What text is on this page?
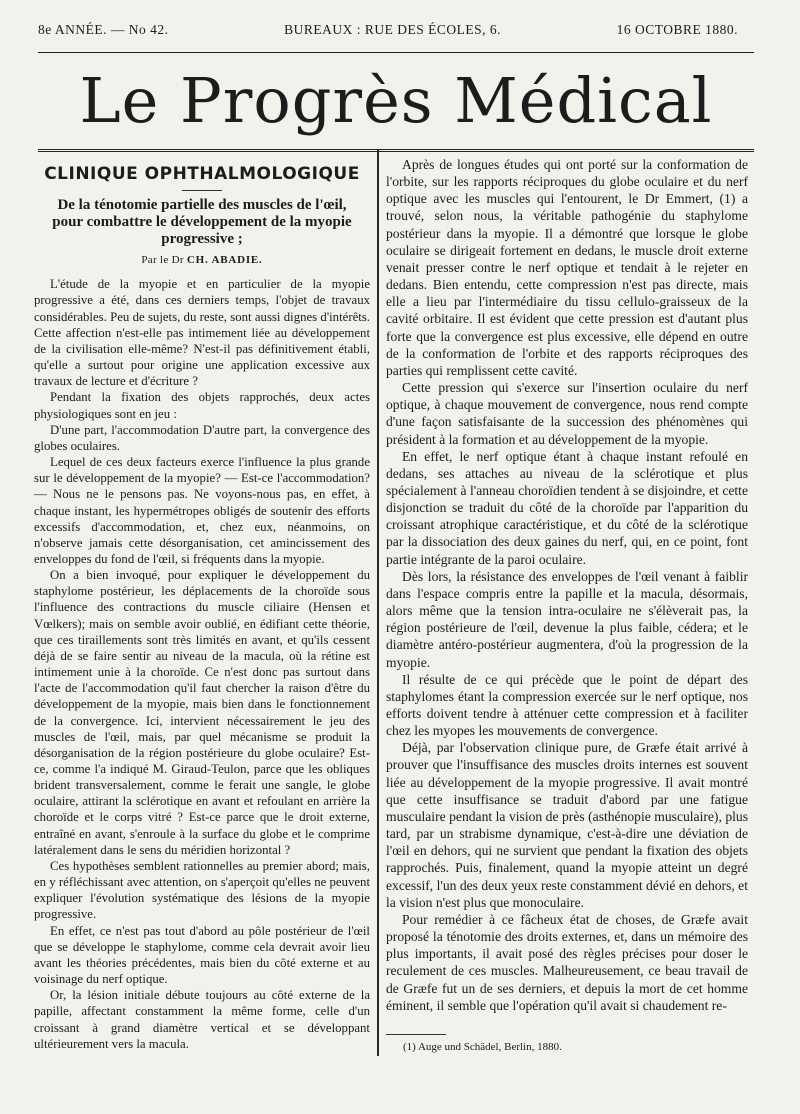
8e ANNÉE. — No 42.	BUREAUX : RUE DES ÉCOLES, 6.	16 OCTOBRE 1880.
Le Progrès Médical
CLINIQUE OPHTHALMOLOGIQUE
De la ténotomie partielle des muscles de l'œil, pour combattre le développement de la myopie progressive ;
Par le Dr CH. ABADIE.

L'étude de la myopie et en particulier de la myopie progressive a été, dans ces derniers temps, l'objet de travaux considérables. Peu de sujets, du reste, sont aussi dignes d'intérêts. Cette affection n'est-elle pas intimement liée au développement de la civilisation elle-même? N'est-il pas définitivement établi, qu'elle a surtout pour origine une application excessive aux travaux de lecture et d'écriture ?

Pendant la fixation des objets rapprochés, deux actes physiologiques sont en jeu :

D'une part, l'accommodation D'autre part, la convergence des globes oculaires.

Lequel de ces deux facteurs exerce l'influence la plus grande sur le développement de la myopie? — Est-ce l'accommodation? — Nous ne le pensons pas. Ne voyons-nous pas, en effet, à chaque instant, les hypermétropes obligés de soutenir des efforts excessifs d'accommodation, et, chez eux, néanmoins, on n'observe jamais cette désorganisation, cet amincissement des enveloppes du fond de l'œil, si fréquents dans la myopie.

On a bien invoqué, pour expliquer le développement du staphylome postérieur, les déplacements de la choroïde sous l'influence des contractions du muscle ciliaire (Hensen et Vœlkers); mais on semble avoir oublié, en édifiant cette théorie, que ces tiraillements sont très limités en avant, et qu'ils cessent déjà de se faire sentir au niveau de la macula, où la rétine est intimement unie à la choroïde. Ce n'est donc pas surtout dans l'acte de l'accommodation qu'il faut chercher la raison d'être du développement de la myopie, mais bien dans le fonctionnement de la convergence. Ici, intervient nécessairement le jeu des muscles de l'œil, mais, par quel mécanisme se produit la désorganisation de la région postérieure du globe oculaire? Est-ce, comme l'a indiqué M. Giraud-Teulon, parce que les obliques brident transversalement, comme le ferait une sangle, le globe oculaire, attirant la sclérotique en avant et refoulant en arrière la choroïde et le corps vitré ? Est-ce parce que le droit externe, entraîné en avant, s'enroule à la surface du globe et le comprime latéralement dans le sens du méridien horizontal ?

Ces hypothèses semblent rationnelles au premier abord; mais, en y réfléchissant avec attention, on s'aperçoit qu'elles ne peuvent expliquer l'évolution systématique des lésions de la myopie progressive.

En effet, ce n'est pas tout d'abord au pôle postérieur de l'œil que se développe le staphylome, comme cela devrait avoir lieu avant les théories précédentes, mais bien du côté externe et au voisinage du nerf optique.

Or, la lésion initiale débute toujours au côté externe de la papille, affectant constamment la même forme, celle d'un croissant à grand diamètre vertical et se développant ultérieurement vers la macula.

Après de longues études qui ont porté sur la conformation de l'orbite, sur les rapports réciproques du globe oculaire et du nerf optique avec les muscles qui l'entourent, le Dr Emmert, (1) a trouvé, selon nous, la véritable pathogénie du staphylome postérieur dans la myopie. Il a démontré que lorsque le globe oculaire se dirigeait fortement en dedans, le muscle droit externe venait presser contre le nerf optique et tendait à le rejeter en dedans. Bien entendu, cette compression n'est pas directe, mais elle a lieu par l'intermédiaire du tissu cellulo-graisseux de la cavité orbitaire. Il est évident que cette pression est d'autant plus forte que la convergence est plus excessive, elle dépend en outre de la conformation de l'orbite et des rapports réciproques des parties qui remplissent cette cavité.

Cette pression qui s'exerce sur l'insertion oculaire du nerf optique, à chaque mouvement de convergence, nous rend compte d'une façon satisfaisante de la succession des phénomènes qui président à la formation et au développement de la myopie.

En effet, le nerf optique étant à chaque instant refoulé en dedans, ses attaches au niveau de la sclérotique et plus spécialement à l'anneau choroïdien tendent à se disjoindre, et cette disjonction se traduit du côté de la choroïde par l'apparition du croissant atrophique caractéristique, et du côté de la sclérotique par la dissociation des deux gaines du nerf, qui, en ce point, font partie intégrante de la paroi oculaire.

Dès lors, la résistance des enveloppes de l'œil venant à faiblir dans l'espace compris entre la papille et la macula, désormais, alors même que la tension intra-oculaire ne s'élèverait pas, la région postérieure de l'œil, devenue la plus faible, cédera; et le diamètre antéro-postérieur augmentera, d'où la progression de la myopie.

Il résulte de ce qui précède que le point de départ des staphylomes étant la compression exercée sur le nerf optique, nos efforts doivent tendre à atténuer cette compression et à faciliter chez les myopes les mouvements de convergence.

Déjà, par l'observation clinique pure, de Græfe était arrivé à prouver que l'insuffisance des muscles droits internes est souvent liée au développement de la myopie progressive. Il avait montré que cette insuffisance se traduit d'abord par une fatigue musculaire pendant la vision de près (asthénopie musculaire), plus tard, par un strabisme dynamique, c'est-à-dire une déviation de l'œil en dehors, qui ne survient que pendant la fixation des objets rapprochés. Puis, finalement, quand la myopie atteint un degré excessif, l'un des deux yeux reste constamment dévié en dehors, et la vision n'est plus que monoculaire.

Pour remédier à ce fâcheux état de choses, de Græfe avait proposé la ténotomie des droits externes, et, dans un mémoire des plus importants, il avait posé des règles précises pour doser le reculement de ces muscles. Malheureusement, ce beau travail de de Græfe fut un de ses derniers, et depuis la mort de cet homme éminent, il semble que l'opération qu'il avait si chaudement re-

(1) Auge und Schädel, Berlin, 1880.
